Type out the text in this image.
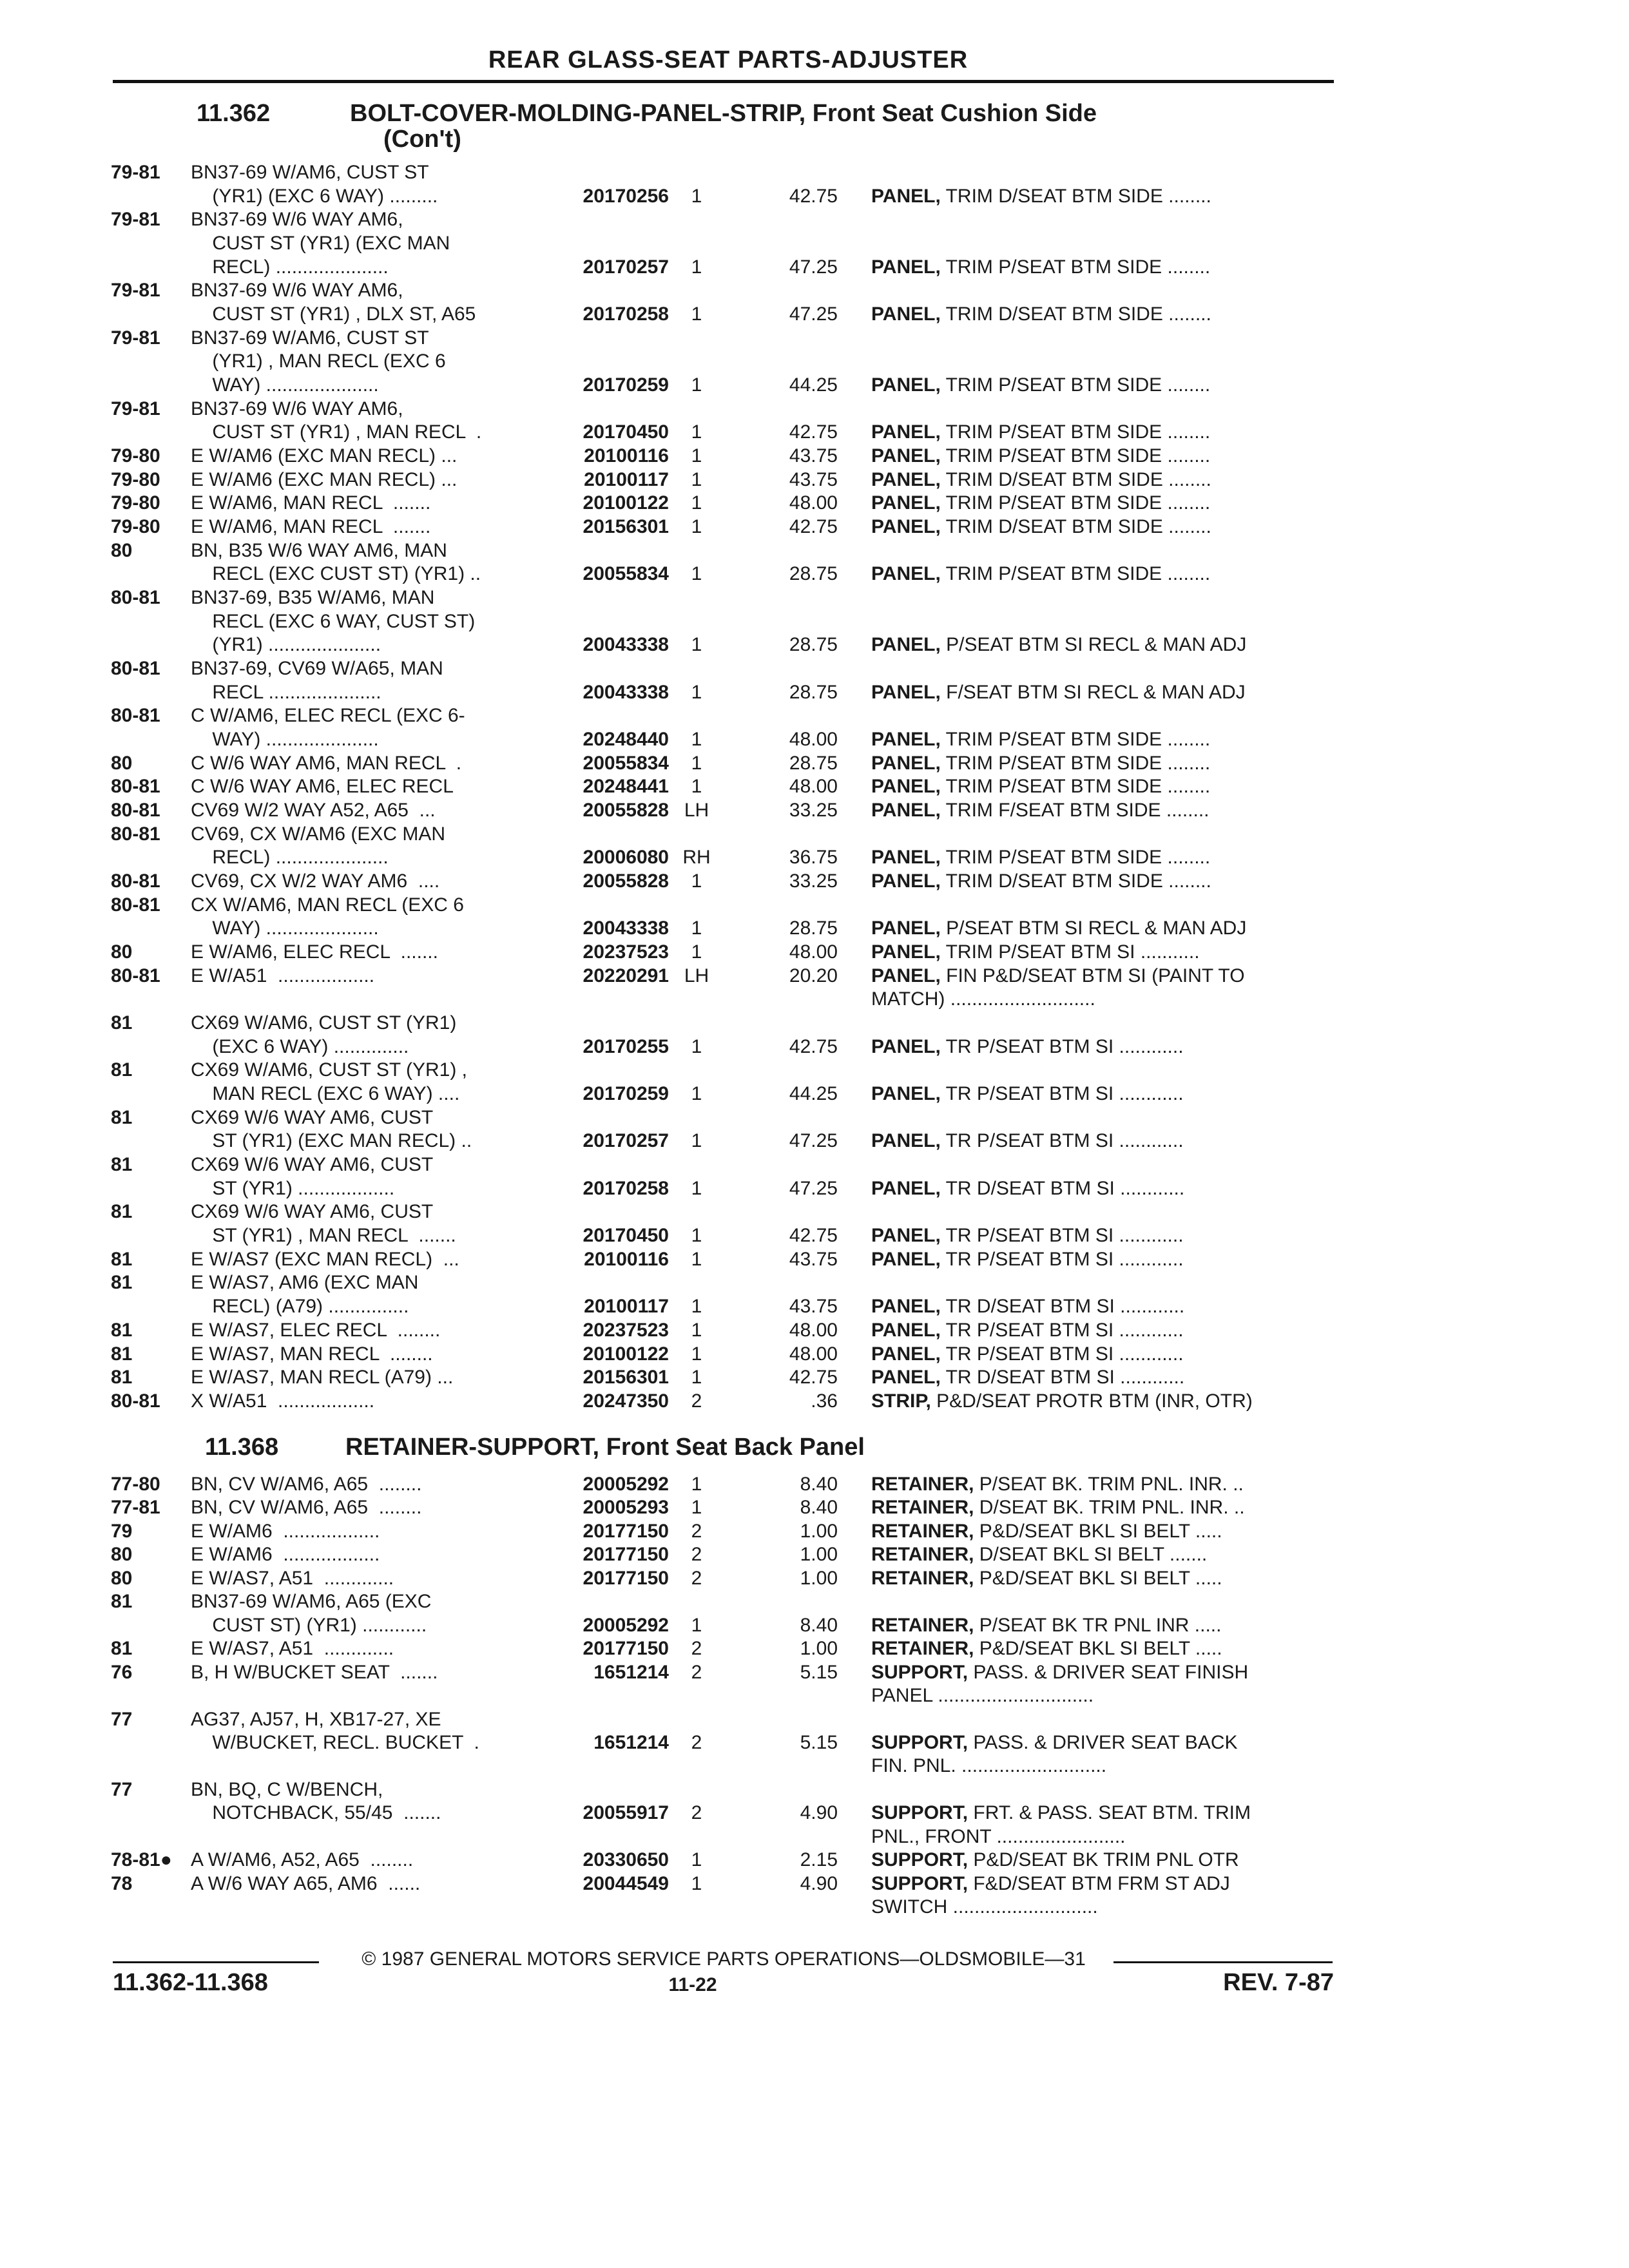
REAR GLASS-SEAT PARTS-ADJUSTER
11.362	BOLT-COVER-MOLDING-PANEL-STRIP, Front Seat Cushion Side
(Con't)
11.368	RETAINER-SUPPORT, Front Seat Back Panel
79-81 BN37-69 W/AM6, CUST ST
(YR1) (EXC 6 WAY) .........	20170256	1	42.75 PANEL, TRIM D/SEAT BTM SIDE ........
79-81 BN37-69 W/6 WAY AM6,
CUST ST (YR1) (EXC MAN
RECL) .....................	20170257	1	47.25 PANEL, TRIM P/SEAT BTM SIDE ........
79-81 BN37-69 W/6 WAY AM6,
CUST ST (YR1) , DLX ST, A65	20170258	1	47.25 PANEL, TRIM D/SEAT BTM SIDE ........
79-81 BN37-69 W/AM6, CUST ST
(YR1) , MAN RECL (EXC 6
WAY) .....................	20170259	1	44.25 PANEL, TRIM P/SEAT BTM SIDE ........
79-81 BN37-69 W/6 WAY AM6,
CUST ST (YR1) , MAN RECL  .	20170450	1	42.75 PANEL, TRIM P/SEAT BTM SIDE ........
79-80 E W/AM6 (EXC MAN RECL) ...	20100116	1	43.75 PANEL, TRIM P/SEAT BTM SIDE ........
79-80 E W/AM6 (EXC MAN RECL) ...	20100117	1	43.75 PANEL, TRIM D/SEAT BTM SIDE ........
79-80 E W/AM6, MAN RECL  .......	20100122	1	48.00 PANEL, TRIM P/SEAT BTM SIDE ........
79-80 E W/AM6, MAN RECL  .......	20156301	1	42.75 PANEL, TRIM D/SEAT BTM SIDE ........
80	BN, B35 W/6 WAY AM6, MAN
RECL (EXC CUST ST) (YR1) ..	20055834	1	28.75 PANEL, TRIM P/SEAT BTM SIDE ........
80-81 BN37-69, B35 W/AM6, MAN
RECL (EXC 6 WAY, CUST ST)
(YR1) .....................	20043338	1	28.75 PANEL, P/SEAT BTM SI RECL & MAN ADJ
80-81 BN37-69, CV69 W/A65, MAN
RECL .....................	20043338	1	28.75 PANEL, F/SEAT BTM SI RECL & MAN ADJ
80-81 C W/AM6, ELEC RECL (EXC 6-
WAY) .....................	20248440	1	48.00 PANEL, TRIM P/SEAT BTM SIDE ........
80	C W/6 WAY AM6, MAN RECL  .	20055834	1	28.75 PANEL, TRIM P/SEAT BTM SIDE ........
80-81 C W/6 WAY AM6, ELEC RECL	20248441	1	48.00 PANEL, TRIM P/SEAT BTM SIDE ........
80-81 CV69 W/2 WAY A52, A65  ...	20055828 LH	33.25 PANEL, TRIM F/SEAT BTM SIDE ........
80-81 CV69, CX W/AM6 (EXC MAN
RECL) .....................	20006080 RH	36.75 PANEL, TRIM P/SEAT BTM SIDE ........
80-81 CV69, CX W/2 WAY AM6  ....	20055828	1	33.25 PANEL, TRIM D/SEAT BTM SIDE ........
80-81 CX W/AM6, MAN RECL (EXC 6
WAY) .....................	20043338	1	28.75 PANEL, P/SEAT BTM SI RECL & MAN ADJ
80	E W/AM6, ELEC RECL  .......	20237523	1	48.00 PANEL, TRIM P/SEAT BTM SI ...........
80-81 E W/A51  ..................	20220291 LH	20.20 PANEL, FIN P&D/SEAT BTM SI (PAINT TO
MATCH) ...........................
81	CX69 W/AM6, CUST ST (YR1)
(EXC 6 WAY) ..............	20170255	1	42.75 PANEL, TR P/SEAT BTM SI ............
81	CX69 W/AM6, CUST ST (YR1) ,
MAN RECL (EXC 6 WAY) ....	20170259	1	44.25 PANEL, TR P/SEAT BTM SI ............
81	CX69 W/6 WAY AM6, CUST
ST (YR1) (EXC MAN RECL) ..	20170257	1	47.25 PANEL, TR P/SEAT BTM SI ............
81	CX69 W/6 WAY AM6, CUST
ST (YR1) ..................	20170258	1	47.25 PANEL, TR D/SEAT BTM SI ............
81	CX69 W/6 WAY AM6, CUST
ST (YR1) , MAN RECL  .......	20170450	1	42.75 PANEL, TR P/SEAT BTM SI ............
81	E W/AS7 (EXC MAN RECL)  ...	20100116	1	43.75 PANEL, TR P/SEAT BTM SI ............
81	E W/AS7, AM6 (EXC MAN
RECL) (A79) ...............	20100117	1	43.75 PANEL, TR D/SEAT BTM SI ............
81	E W/AS7, ELEC RECL  ........	20237523	1	48.00 PANEL, TR P/SEAT BTM SI ............
81	E W/AS7, MAN RECL  ........	20100122	1	48.00 PANEL, TR P/SEAT BTM SI ............
81	E W/AS7, MAN RECL (A79) ...	20156301	1	42.75 PANEL, TR D/SEAT BTM SI ............
80-81 X W/A51  ..................	20247350	2	.36 STRIP, P&D/SEAT PROTR BTM (INR, OTR)
77-80 BN, CV W/AM6, A65  ........	20005292	1	8.40 RETAINER, P/SEAT BK. TRIM PNL. INR. ..
77-81 BN, CV W/AM6, A65  ........	20005293	1	8.40 RETAINER, D/SEAT BK. TRIM PNL. INR. ..
79	E W/AM6  ..................	20177150	2	1.00 RETAINER, P&D/SEAT BKL SI BELT .....
80	E W/AM6  ..................	20177150	2	1.00 RETAINER, D/SEAT BKL SI BELT .......
80	E W/AS7, A51  .............	20177150	2	1.00 RETAINER, P&D/SEAT BKL SI BELT .....
81	BN37-69 W/AM6, A65 (EXC
CUST ST) (YR1) ............	20005292	1	8.40 RETAINER, P/SEAT BK TR PNL INR .....
81	E W/AS7, A51  .............	20177150	2	1.00 RETAINER, P&D/SEAT BKL SI BELT .....
76	B, H W/BUCKET SEAT  .......	1651214	2	5.15 SUPPORT, PASS. & DRIVER SEAT FINISH
PANEL .............................
77	AG37, AJ57, H, XB17-27, XE
W/BUCKET, RECL. BUCKET  .	1651214	2	5.15 SUPPORT, PASS. & DRIVER SEAT BACK
FIN. PNL. ...........................
77	BN, BQ, C W/BENCH,
NOTCHBACK, 55/45  .......	20055917	2	4.90 SUPPORT, FRT. & PASS. SEAT BTM. TRIM
PNL., FRONT ........................
78-81● A W/AM6, A52, A65  ........	20330650	1	2.15 SUPPORT, P&D/SEAT BK TRIM PNL OTR
78	A W/6 WAY A65, AM6  ......	20044549	1	4.90 SUPPORT, F&D/SEAT BTM FRM ST ADJ
SWITCH ...........................
© 1987 GENERAL MOTORS SERVICE PARTS OPERATIONS—OLDSMOBILE—31
11.362-11.368	11-22	REV. 7-87
